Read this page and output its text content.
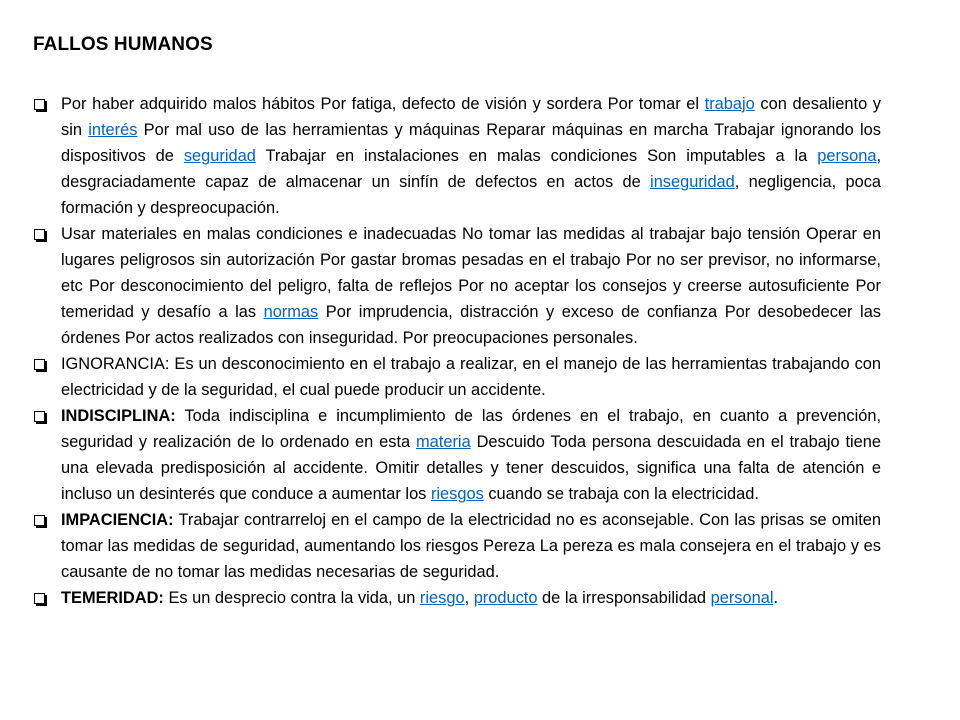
FALLOS HUMANOS
Por haber adquirido malos hábitos Por fatiga, defecto de visión y sordera Por tomar el trabajo con desaliento y sin interés Por mal uso de las herramientas y máquinas Reparar máquinas en marcha Trabajar ignorando los dispositivos de seguridad Trabajar en instalaciones en malas condiciones Son imputables a la persona, desgraciadamente capaz de almacenar un sinfín de defectos en actos de inseguridad, negligencia, poca formación y despreocupación.
Usar materiales en malas condiciones e inadecuadas No tomar las medidas al trabajar bajo tensión Operar en lugares peligrosos sin autorización Por gastar bromas pesadas en el trabajo Por no ser previsor, no informarse, etc Por desconocimiento del peligro, falta de reflejos Por no aceptar los consejos y creerse autosuficiente Por temeridad y desafío a las normas Por imprudencia, distracción y exceso de confianza Por desobedecer las órdenes Por actos realizados con inseguridad. Por preocupaciones personales.
IGNORANCIA: Es un desconocimiento en el trabajo a realizar, en el manejo de las herramientas trabajando con electricidad y de la seguridad, el cual puede producir un accidente.
INDISCIPLINA: Toda indisciplina e incumplimiento de las órdenes en el trabajo, en cuanto a prevención, seguridad y realización de lo ordenado en esta materia Descuido Toda persona descuidada en el trabajo tiene una elevada predisposición al accidente. Omitir detalles y tener descuidos, significa una falta de atención e incluso un desinterés que conduce a aumentar los riesgos cuando se trabaja con la electricidad.
IMPACIENCIA: Trabajar contrarreloj en el campo de la electricidad no es aconsejable. Con las prisas se omiten tomar las medidas de seguridad, aumentando los riesgos Pereza La pereza es mala consejera en el trabajo y es causante de no tomar las medidas necesarias de seguridad.
TEMERIDAD: Es un desprecio contra la vida, un riesgo, producto de la irresponsabilidad personal.
